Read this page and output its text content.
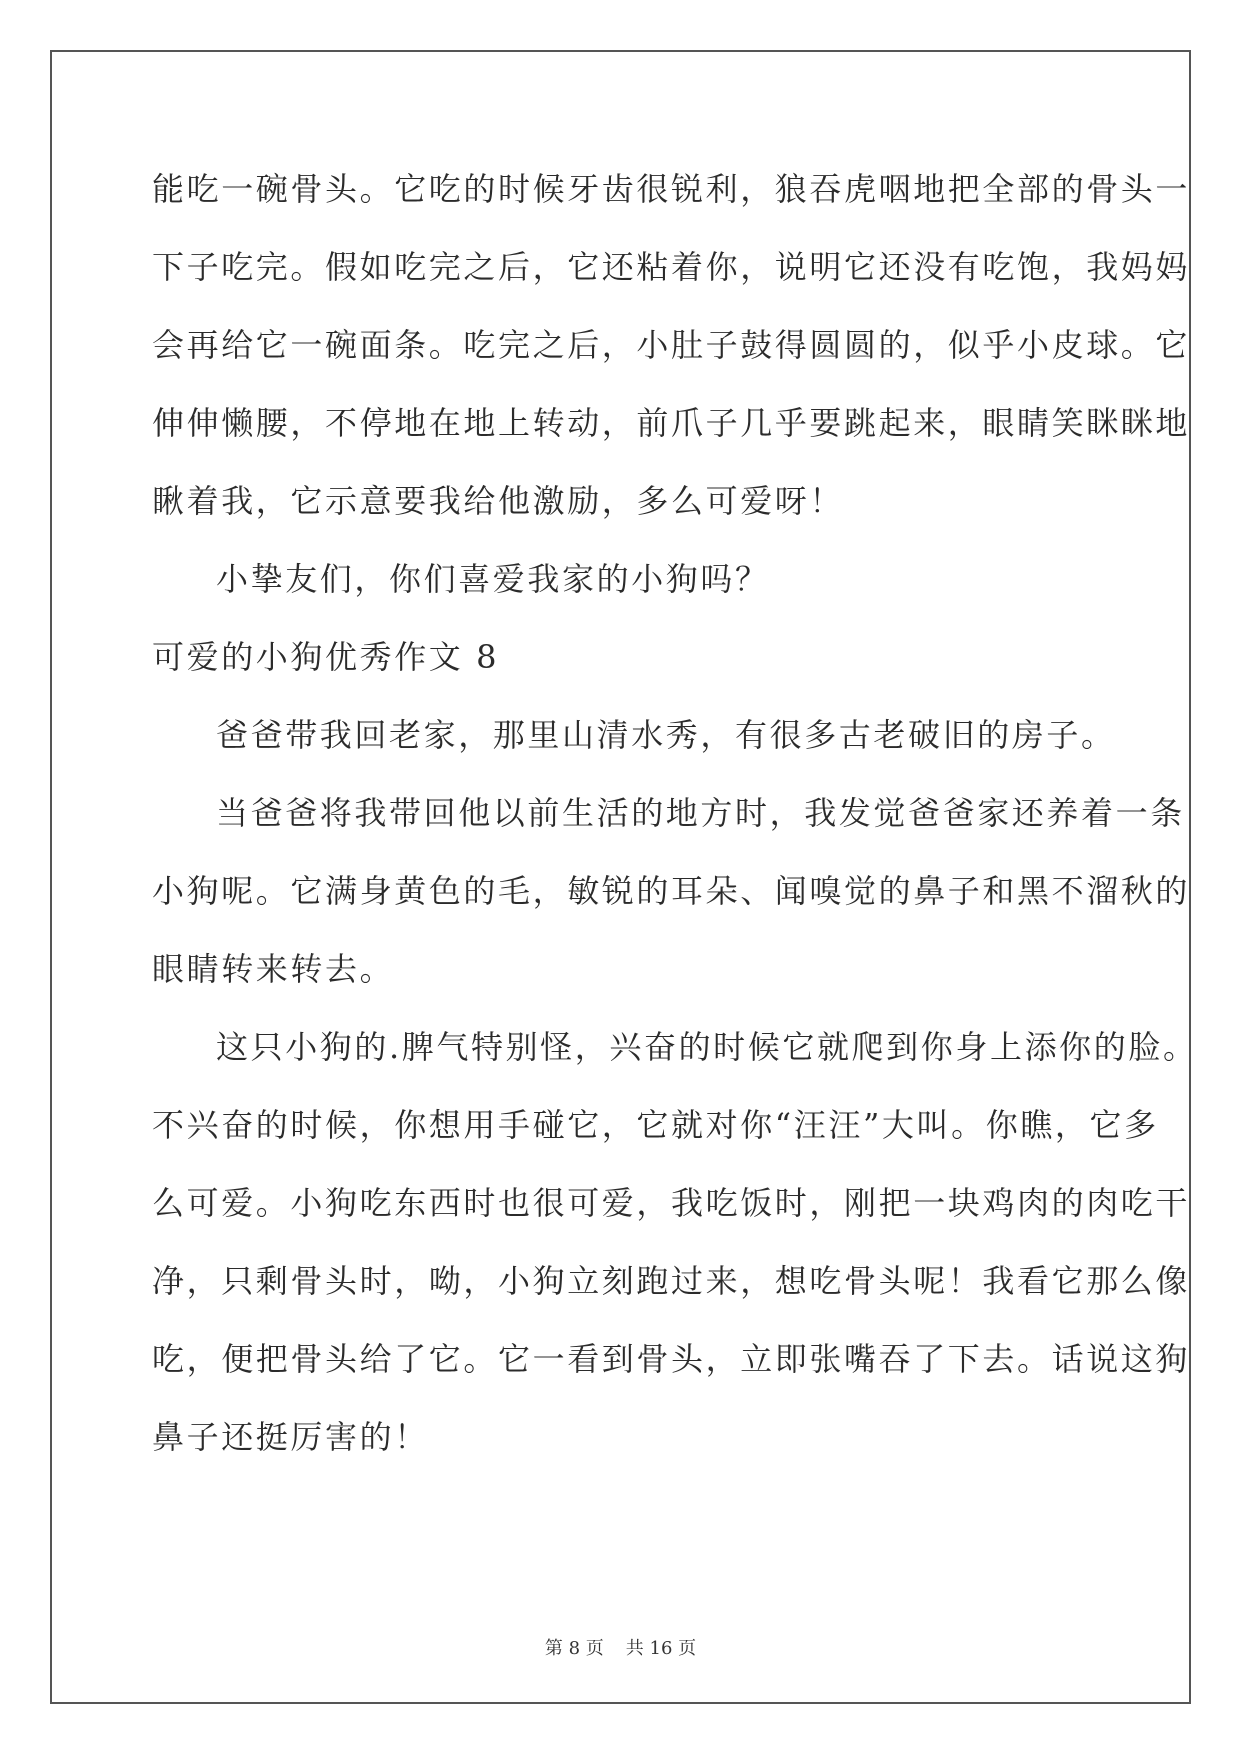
能吃一碗骨头。它吃的时候牙齿很锐利，狼吞虎咽地把全部的骨头一
下子吃完。假如吃完之后，它还粘着你，说明它还没有吃饱，我妈妈
会再给它一碗面条。吃完之后，小肚子鼓得圆圆的，似乎小皮球。它
伸伸懒腰，不停地在地上转动，前爪子几乎要跳起来，眼睛笑眯眯地
瞅着我，它示意要我给他激励，多么可爱呀！
小挚友们，你们喜爱我家的小狗吗？
可爱的小狗优秀作文 8
爸爸带我回老家，那里山清水秀，有很多古老破旧的房子。
当爸爸将我带回他以前生活的地方时，我发觉爸爸家还养着一条
小狗呢。它满身黄色的毛，敏锐的耳朵、闻嗅觉的鼻子和黑不溜秋的
眼睛转来转去。
这只小狗的.脾气特别怪，兴奋的时候它就爬到你身上添你的脸。
不兴奋的时候，你想用手碰它，它就对你“汪汪”大叫。你瞧，它多
么可爱。小狗吃东西时也很可爱，我吃饭时，刚把一块鸡肉的肉吃干
净，只剩骨头时，呦，小狗立刻跑过来，想吃骨头呢！我看它那么像
吃，便把骨头给了它。它一看到骨头，立即张嘴吞了下去。话说这狗
鼻子还挺厉害的！
第 8 页 共 16 页
